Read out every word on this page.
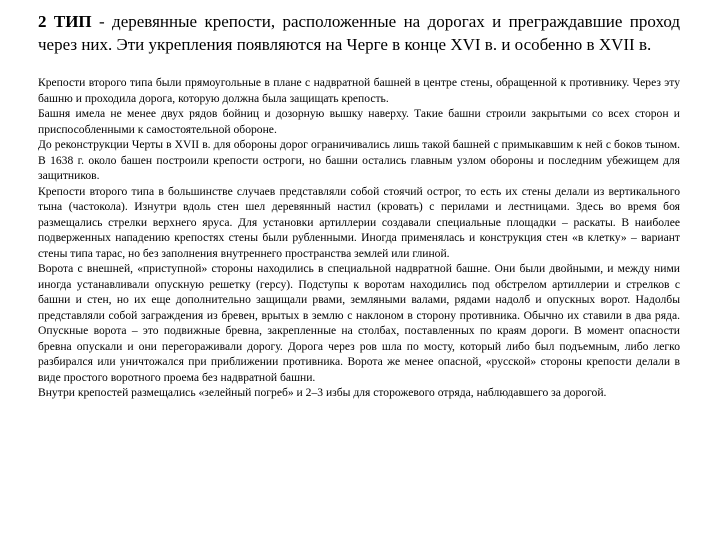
2 ТИП - деревянные крепости, расположенные на дорогах и преграждавшие проход через них. Эти укрепления появляются на Черге в конце XVI в. и особенно в XVII в.

Крепости второго типа были прямоугольные в плане с надвратной башней в центре стены, обращенной к противнику. Через эту башню и проходила дорога, которую должна была защищать крепость.

Башня имела не менее двух рядов бойниц и дозорную вышку наверху. Такие башни строили закрытыми со всех сторон и приспособленными к самостоятельной обороне.

До реконструкции Черты в XVII в. для обороны дорог ограничивались лишь такой башней с примыкавшим к ней с боков тыном. В 1638 г. около башен построили крепости остроги, но башни остались главным узлом обороны и последним убежищем для защитников.

Крепости второго типа в большинстве случаев представляли собой стоячий острог, то есть их стены делали из вертикального тына (частокола). Изнутри вдоль стен шел деревянный настил (кровать) с перилами и лестницами. Здесь во время боя размещались стрелки верхнего яруса. Для установки артиллерии создавали специальные площадки – раскаты. В наиболее подверженных нападению крепостях стены были рубленными. Иногда применялась и конструкция стен «в клетку» – вариант стены типа тарас, но без заполнения внутреннего пространства землей или глиной.

Ворота с внешней, «приступной» стороны находились в специальной надвратной башне. Они были двойными, и между ними иногда устанавливали опускную решетку (герсу). Подступы к воротам находились под обстрелом артиллерии и стрелков с башни и стен, но их еще дополнительно защищали рвами, земляными валами, рядами надолб и опускных ворот. Надолбы представляли собой заграждения из бревен, врытых в землю с наклоном в сторону противника. Обычно их ставили в два ряда. Опускные ворота – это подвижные бревна, закрепленные на столбах, поставленных по краям дороги. В момент опасности бревна опускали и они перегораживали дорогу. Дорога через ров шла по мосту, который либо был подъемным, либо легко разбирался или уничтожался при приближении противника. Ворота же менее опасной, «русской» стороны крепости делали в виде простого воротного проема без надвратной башни.

Внутри крепостей размещались «зелейный погреб» и 2–3 избы для сторожевого отряда, наблюдавшего за дорогой.
